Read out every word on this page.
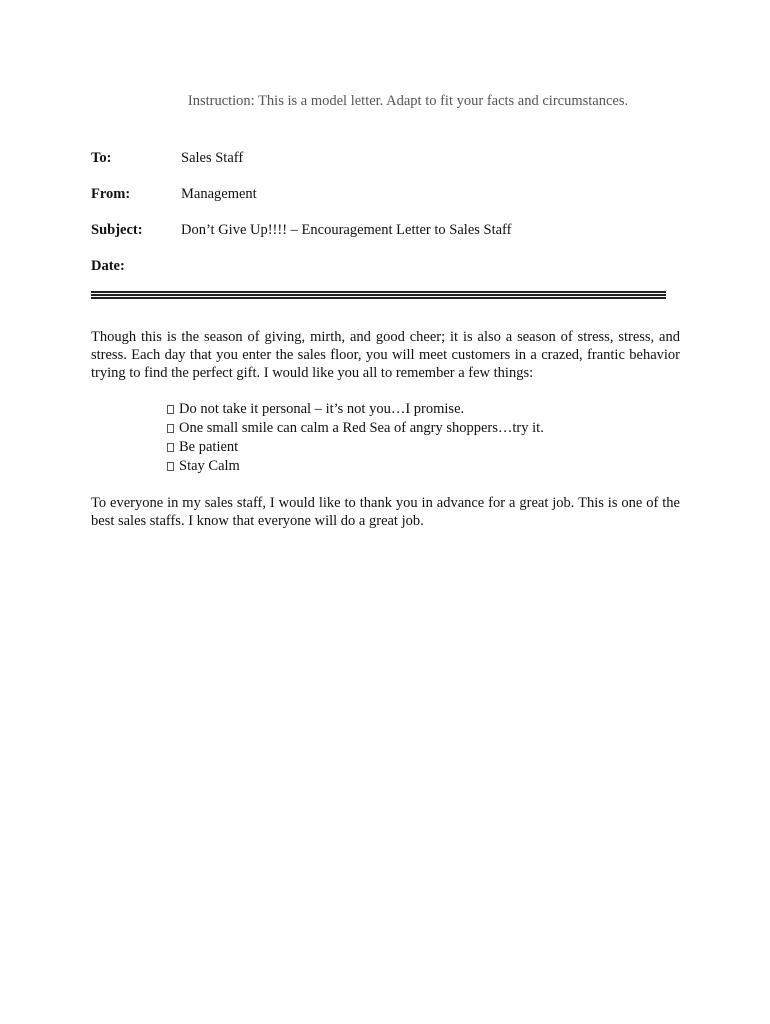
Instruction: This is a model letter. Adapt to fit your facts and circumstances.
To:	Sales Staff
From:	Management
Subject:	Don’t Give Up!!!! – Encouragement Letter to Sales Staff
Date:
Though this is the season of giving, mirth, and good cheer; it is also a season of stress, stress, and stress. Each day that you enter the sales floor, you will meet customers in a crazed, frantic behavior trying to find the perfect gift. I would like you all to remember a few things:
Do not take it personal – it’s not you…I promise.
One small smile can calm a Red Sea of angry shoppers…try it.
Be patient
Stay Calm
To everyone in my sales staff, I would like to thank you in advance for a great job. This is one of the best sales staffs. I know that everyone will do a great job.
